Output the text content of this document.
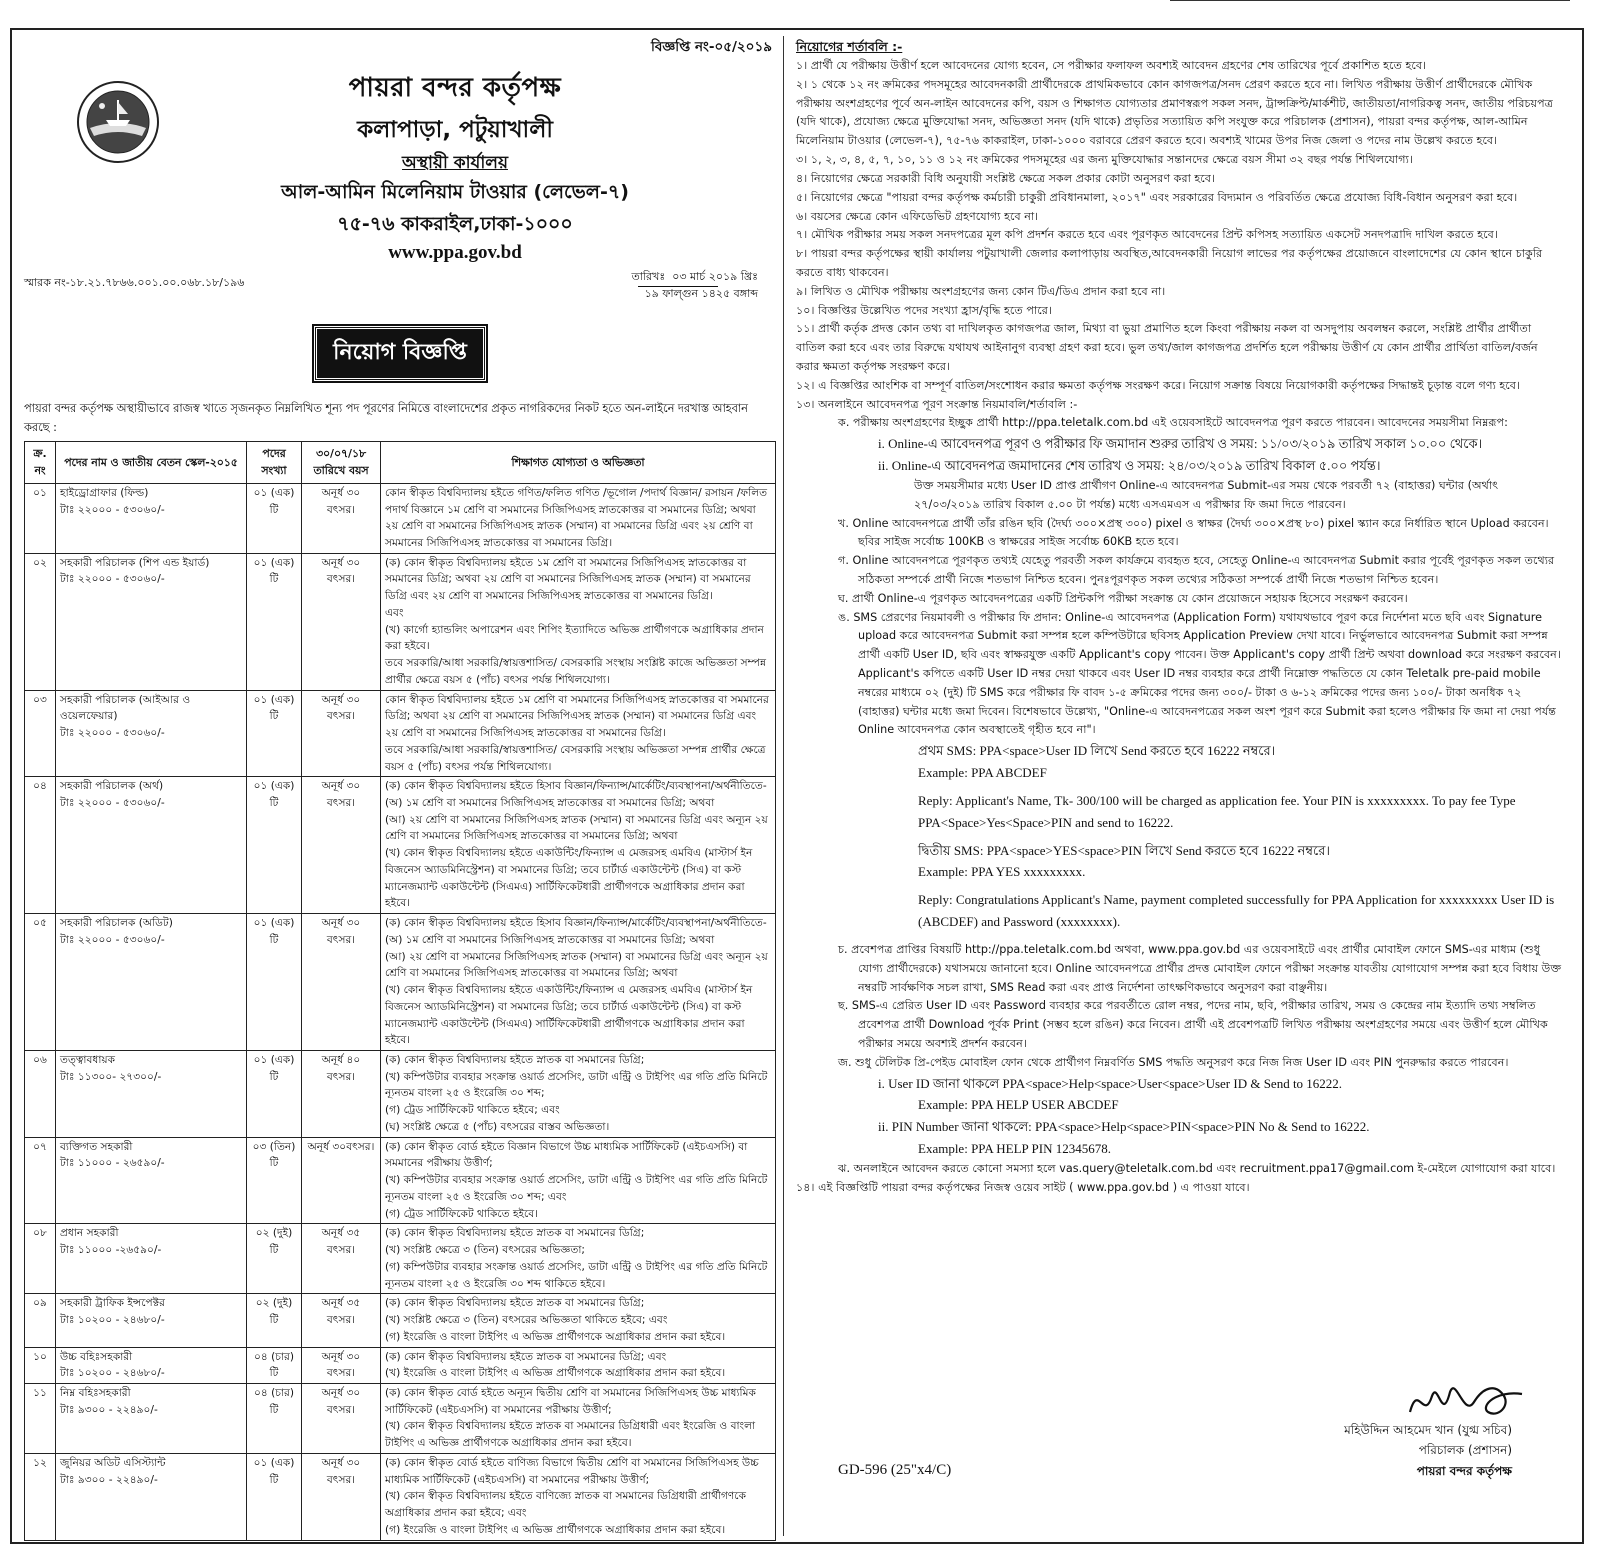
বিজ্ঞপ্তি নং-০৫/২০১৯
পায়রা বন্দর কর্তৃপক্ষ
কলাপাড়া, পটুয়াখালী
অস্থায়ী কার্যালয়
আল-আমিন মিলেনিয়াম টাওয়ার (লেভেল-৭)
৭৫-৭৬ কাকরাইল,ঢাকা-১০০০
www.ppa.gov.bd
স্মারক নং-১৮.২১.৭৮৬৬.০০১.০০.০৬৮.১৮/১৯৬	তারিখঃ ০৩ মার্চ ২০১৯ খ্রিঃ
১৯ ফাল্গুন ১৪২৫ বঙ্গাব্দ
নিয়োগ বিজ্ঞপ্তি
পায়রা বন্দর কর্তৃপক্ষ অস্থায়ীভাবে রাজস্ব খাতে সৃজনকৃত নিম্নলিখিত শূন্য পদ পূরণের নিমিত্তে বাংলাদেশের প্রকৃত নাগরিকদের নিকট হতে অন-লাইনে দরখাস্ত আহবান করছে :
ক্র. নং	পদের নাম ও জাতীয় বেতন স্কেল-২০১৫	পদের সংখ্যা	৩০/০৭/১৮ তারিখে বয়স	শিক্ষাগত যোগ্যতা ও অভিজ্ঞতা

০১	হাইড্রোগ্রাফার (ফিল্ড)
টাঃ ২২০০০ - ৫৩০৬০/-	০১ (এক) টি	অনূর্ধ ৩০ বৎসর।	কোন স্বীকৃত বিশ্ববিদ্যালয় হইতে গণিত/ফলিত গণিত /ভূগোল /পদার্থ বিজ্ঞান/ রসায়ন /ফলিত পদার্থ বিজ্ঞানে ১ম শ্রেণি বা সমমানের সিজিপিএসহ স্নাতকোত্তর বা সমমানের ডিগ্রি; অথবা ২য় শ্রেণি বা সমমানের সিজিপিএসহ স্নাতক (সম্মান) বা সমমানের ডিগ্রি এবং ২য় শ্রেণি বা সমমানের সিজিপিএসহ স্নাতকোত্তর বা সমমানের ডিগ্রি।

০২	সহকারী পরিচালক (শিপ এন্ড ইয়ার্ড)
টাঃ ২২০০০ - ৫৩০৬০/-	০১ (এক) টি	অনূর্ধ ৩০ বৎসর।	(ক) কোন স্বীকৃত বিশ্ববিদ্যালয় হইতে ১ম শ্রেণি বা সমমানের সিজিপিএসহ স্নাতকোত্তর বা সমমানের ডিগ্রি; অথবা ২য় শ্রেণি বা সমমানের সিজিপিএসহ স্নাতক (সম্মান) বা সমমানের ডিগ্রি এবং ২য় শ্রেণি বা সমমানের সিজিপিএসহ স্নাতকোত্তর বা সমমানের ডিগ্রি।
এবং
(খ) কার্গো হ্যান্ডলিং অপারেশন এবং শিপিং ইত্যাদিতে অভিজ্ঞ প্রার্থীগণকে অগ্রাধিকার প্রদান করা হইবে।
তবে সরকারি/আধা সরকারি/স্বায়ত্তশাসিত/ বেসরকারি সংস্থায় সংশ্লিষ্ট কাজে অভিজ্ঞতা সম্পন্ন প্রার্থীর ক্ষেত্রে বয়স ৫ (পাঁচ) বৎসর পর্যন্ত শিথিলযোগ্য।

০৩	সহকারী পরিচালক (আইআর ও ওয়েলফেয়ার)
টাঃ ২২০০০ - ৫৩০৬০/-	০১ (এক) টি	অনূর্ধ ৩০ বৎসর।	কোন স্বীকৃত বিশ্ববিদ্যালয় হইতে ১ম শ্রেণি বা সমমানের সিজিপিএসহ স্নাতকোত্তর বা সমমানের ডিগ্রি; অথবা ২য় শ্রেণি বা সমমানের সিজিপিএসহ স্নাতক (সম্মান) বা সমমানের ডিগ্রি এবং ২য় শ্রেণি বা সমমানের সিজিপিএসহ স্নাতকোত্তর বা সমমানের ডিগ্রি।
তবে সরকারি/আধা সরকারি/স্বায়ত্তশাসিত/ বেসরকারি সংস্থায় অভিজ্ঞতা সম্পন্ন প্রার্থীর ক্ষেত্রে বয়স ৫ (পাঁচ) বৎসর পর্যন্ত শিথিলযোগ্য।

০৪	সহকারী পরিচালক (অর্থ)
টাঃ ২২০০০ - ৫৩০৬০/-	০১ (এক) টি	অনূর্ধ ৩০ বৎসর।	(ক) কোন স্বীকৃত বিশ্ববিদ্যালয় হইতে হিসাব বিজ্ঞান/ফিন্যান্স/মার্কেটিং/ব্যবস্থাপনা/অর্থনীতিতে-
(অ) ১ম শ্রেণি বা সমমানের সিজিপিএসহ স্নাতকোত্তর বা সমমানের ডিগ্রি; অথবা
(আ) ২য় শ্রেণি বা সমমানের সিজিপিএসহ স্নাতক (সম্মান) বা সমমানের ডিগ্রি এবং অন্যূন ২য় শ্রেণি বা সমমানের সিজিপিএসহ স্নাতকোত্তর বা সমমানের ডিগ্রি; অথবা
(খ) কোন স্বীকৃত বিশ্ববিদ্যালয় হইতে একাউন্টিং/ফিন্যান্স এ মেজরসহ এমবিএ (মাস্টার্স ইন বিজনেস অ্যাডমিনিস্ট্রেশন) বা সমমানের ডিগ্রি; তবে চার্টার্ড একাউন্টেন্ট (সিএ) বা কস্ট ম্যানেজম্যান্ট একাউন্টেন্ট (সিএমএ) সার্টিফিকেটধারী প্রার্থীগণকে অগ্রাধিকার প্রদান করা হইবে।

০৫	সহকারী পরিচালক (অডিট)
টাঃ ২২০০০ - ৫৩০৬০/-	০১ (এক) টি	অনূর্ধ ৩০ বৎসর।	(ক) কোন স্বীকৃত বিশ্ববিদ্যালয় হইতে হিসাব বিজ্ঞান/ফিন্যান্স/মার্কেটিং/ব্যবস্থাপনা/অর্থনীতিতে-
(অ) ১ম শ্রেণি বা সমমানের সিজিপিএসহ স্নাতকোত্তর বা সমমানের ডিগ্রি; অথবা
(আ) ২য় শ্রেণি বা সমমানের সিজিপিএসহ স্নাতক (সম্মান) বা সমমানের ডিগ্রি এবং অন্যূন ২য় শ্রেণি বা সমমানের সিজিপিএসহ স্নাতকোত্তর বা সমমানের ডিগ্রি; অথবা
(খ) কোন স্বীকৃত বিশ্ববিদ্যালয় হইতে একাউন্টিং/ফিন্যান্স এ মেজরসহ এমবিএ (মাস্টার্স ইন বিজনেস অ্যাডমিনিস্ট্রেশন) বা সমমানের ডিগ্রি; তবে চার্টার্ড একাউন্টেন্ট (সিএ) বা কস্ট ম্যানেজম্যান্ট একাউন্টেন্ট (সিএমএ) সার্টিফিকেটধারী প্রার্থীগণকে অগ্রাধিকার প্রদান করা হইবে।

০৬	তত্ত্বাবধায়ক
টাঃ ১১৩০০- ২৭৩০০/-	০১ (এক) টি	অনূর্ধ ৪০ বৎসর।	(ক) কোন স্বীকৃত বিশ্ববিদ্যালয় হইতে স্নাতক বা সমমানের ডিগ্রি;
(খ) কম্পিউটার ব্যবহার সংক্রান্ত ওয়ার্ড প্রসেসিং, ডাটা এন্ট্রি ও টাইপিং এর গতি প্রতি মিনিটে ন্যূনতম বাংলা ২৫ ও ইংরেজি ৩০ শব্দ;
(গ) ট্রেড সার্টিফিকেট থাকিতে হইবে; এবং
(ঘ) সংশ্লিষ্ট ক্ষেত্রে ৫ (পাঁচ) বৎসরের বাস্তব অভিজ্ঞতা।

০৭	ব্যক্তিগত সহকারী
টাঃ ১১০০০ - ২৬৫৯০/-	০৩ (তিন) টি	অনূর্ধ ৩০বৎসর।	(ক) কোন স্বীকৃত বোর্ড হইতে বিজ্ঞান বিভাগে উচ্চ মাধ্যমিক সার্টিফিকেট (এইচএসসি) বা সমমানের পরীক্ষায় উত্তীর্ণ;
(খ) কম্পিউটার ব্যবহার সংক্রান্ত ওয়ার্ড প্রসেসিং, ডাটা এন্ট্রি ও টাইপিং এর গতি প্রতি মিনিটে ন্যূনতম বাংলা ২৫ ও ইংরেজি ৩০ শব্দ; এবং
(গ) ট্রেড সার্টিফিকেট থাকিতে হইবে।

০৮	প্রধান সহকারী
টাঃ ১১০০০ -২৬৫৯০/-	০২ (দুই) টি	অনূর্ধ ৩৫ বৎসর।	(ক) কোন স্বীকৃত বিশ্ববিদ্যালয় হইতে স্নাতক বা সমমানের ডিগ্রি;
(খ) সংশ্লিষ্ট ক্ষেত্রে ৩ (তিন) বৎসরের অভিজ্ঞতা;
(গ) কম্পিউটার ব্যবহার সংক্রান্ত ওয়ার্ড প্রসেসিং, ডাটা এন্ট্রি ও টাইপিং এর গতি প্রতি মিনিটে ন্যূনতম বাংলা ২৫ ও ইংরেজি ৩০ শব্দ থাকিতে হইবে।

০৯	সহকারী ট্রাফিক ইন্সপেক্টর
টাঃ ১০২০০ - ২৪৬৮০/-	০২ (দুই) টি	অনূর্ধ ৩৫ বৎসর।	(ক) কোন স্বীকৃত বিশ্ববিদ্যালয় হইতে স্নাতক বা সমমানের ডিগ্রি;
(খ) সংশ্লিষ্ট ক্ষেত্রে ৩ (তিন) বৎসরের অভিজ্ঞতা থাকিতে হইবে; এবং
(গ) ইংরেজি ও বাংলা টাইপিং এ অভিজ্ঞ প্রার্থীগণকে অগ্রাধিকার প্রদান করা হইবে।

১০	উচ্চ বহিঃসহকারী
টাঃ ১০২০০ - ২৪৬৮০/-	০৪ (চার) টি	অনূর্ধ ৩০ বৎসর।	(ক) কোন স্বীকৃত বিশ্ববিদ্যালয় হইতে স্নাতক বা সমমানের ডিগ্রি; এবং
(খ) ইংরেজি ও বাংলা টাইপিং এ অভিজ্ঞ প্রার্থীগণকে অগ্রাধিকার প্রদান করা হইবে।

১১	নিম্ন বহিঃসহকারী
টাঃ ৯৩০০ - ২২৪৯০/-	০৪ (চার) টি	অনূর্ধ ৩০ বৎসর।	(ক) কোন স্বীকৃত বোর্ড হইতে অন্যূন দ্বিতীয় শ্রেণি বা সমমানের সিজিপিএসহ উচ্চ মাধ্যমিক সার্টিফিকেট (এইচএসসি) বা সমমানের পরীক্ষায় উত্তীর্ণ;
(খ) কোন স্বীকৃত বিশ্ববিদ্যালয় হইতে স্নাতক বা সমমানের ডিগ্রিধারী এবং ইংরেজি ও বাংলা টাইপিং এ অভিজ্ঞ প্রার্থীগণকে অগ্রাধিকার প্রদান করা হইবে।

১২	জুনিয়র অডিট এসিস্ট্যান্ট
টাঃ ৯৩০০ - ২২৪৯০/-	০১ (এক) টি	অনূর্ধ ৩০ বৎসর।	(ক) কোন স্বীকৃত বোর্ড হইতে বাণিজ্য বিভাগে দ্বিতীয় শ্রেণি বা সমমানের সিজিপিএসহ উচ্চ মাধ্যমিক সার্টিফিকেট (এইচএসসি) বা সমমানের পরীক্ষায় উত্তীর্ণ;
(খ) কোন স্বীকৃত বিশ্ববিদ্যালয় হইতে বাণিজ্যে স্নাতক বা সমমানের ডিগ্রিধারী প্রার্থীগণকে অগ্রাধিকার প্রদান করা হইবে; এবং
(গ) ইংরেজি ও বাংলা টাইপিং এ অভিজ্ঞ প্রার্থীগণকে অগ্রাধিকার প্রদান করা হইবে।

নিয়োগের শর্তাবলি :-

১। প্রার্থী যে পরীক্ষায় উত্তীর্ণ হলে আবেদনের যোগ্য হবেন, সে পরীক্ষার ফলাফল অবশ্যই আবেদন গ্রহণের শেষ তারিখের পূর্বে প্রকাশিত হতে হবে।

২। ১ থেকে ১২ নং ক্রমিকের পদসমূহের আবেদনকারী প্রার্থীদেরকে প্রাথমিকভাবে কোন কাগজপত্র/সনদ প্রেরণ করতে হবে না। লিখিত পরীক্ষায় উত্তীর্ণ প্রার্থীদেরকে মৌখিক পরীক্ষায় অংশগ্রহণের পূর্বে অন-লাইন আবেদনের কপি, বয়স ও শিক্ষাগত যোগ্যতার প্রমাণস্বরূপ সকল সনদ, ট্রান্সক্রিপ্ট/মার্কশীট, জাতীয়তা/নাগরিকত্ব সনদ, জাতীয় পরিচয়পত্র (যদি থাকে), প্রযোজ্য ক্ষেত্রে মুক্তিযোদ্ধা সনদ, অভিজ্ঞতা সনদ (যদি থাকে) প্রভৃতির সত্যায়িত কপি সংযুক্ত করে পরিচালক (প্রশাসন), পায়রা বন্দর কর্তৃপক্ষ, আল-আমিন মিলেনিয়াম টাওয়ার (লেভেল-৭), ৭৫-৭৬ কাকরাইল, ঢাকা-১০০০ বরাবরে প্রেরণ করতে হবে। অবশ্যই খামের উপর নিজ জেলা ও পদের নাম উল্লেখ করতে হবে।

৩। ১, ২, ৩, ৪, ৫, ৭, ১০, ১১ ও ১২ নং ক্রমিকের পদসমূহের এর জন্য মুক্তিযোদ্ধার সন্তানদের ক্ষেত্রে বয়স সীমা ৩২ বছর পর্যন্ত শিথিলযোগ্য।

৪। নিয়োগের ক্ষেত্রে সরকারী বিধি অনুযায়ী সংশ্লিষ্ট ক্ষেত্রে সকল প্রকার কোটা অনুসরণ করা হবে।

৫। নিয়োগের ক্ষেত্রে "পায়রা বন্দর কর্তৃপক্ষ কর্মচারী চাকুরী প্রবিধানমালা, ২০১৭" এবং সরকারের বিদ্যমান ও পরিবর্তিত ক্ষেত্রে প্রযোজ্য বিধি-বিধান অনুসরণ করা হবে।

৬। বয়সের ক্ষেত্রে কোন এফিডেভিট গ্রহণযোগ্য হবে না।

৭। মৌখিক পরীক্ষার সময় সকল সনদপত্রের মূল কপি প্রদর্শন করতে হবে এবং পূরণকৃত আবেদনের প্রিন্ট কপিসহ সত্যায়িত একসেট সনদপত্রাদি দাখিল করতে হবে।

৮। পায়রা বন্দর কর্তৃপক্ষের স্থায়ী কার্যালয় পটুয়াখালী জেলার কলাপাড়ায় অবস্থিত,আবেদনকারী নিয়োগ লাভের পর কর্তৃপক্ষের প্রয়োজনে বাংলাদেশের যে কোন স্থানে চাকুরি করতে বাধ্য থাকবেন।

৯। লিখিত ও মৌখিক পরীক্ষায় অংশগ্রহণের জন্য কোন টিএ/ডিএ প্রদান করা হবে না।

১০। বিজ্ঞপ্তির উল্লেখিত পদের সংখ্যা হ্রাস/বৃদ্ধি হতে পারে।

১১। প্রার্থী কর্তৃক প্রদত্ত কোন তথ্য বা দাখিলকৃত কাগজপত্র জাল, মিথ্যা বা ভুয়া প্রমাণিত হলে কিংবা পরীক্ষায় নকল বা অসদুপায় অবলম্বন করলে, সংশ্লিষ্ট প্রার্থীর প্রার্থীতা বাতিল করা হবে এবং তার বিরুদ্ধে যথাযথ আইনানুগ ব্যবস্থা গ্রহণ করা হবে। ভুল তথ্য/জাল কাগজপত্র প্রদর্শিত হলে পরীক্ষায় উত্তীর্ণ যে কোন প্রার্থীর প্রার্থিতা বাতিল/বর্জন করার ক্ষমতা কর্তৃপক্ষ সংরক্ষণ করে।

১২। এ বিজ্ঞপ্তির আংশিক বা সম্পূর্ণ বাতিল/সংশোধন করার ক্ষমতা কর্তৃপক্ষ সংরক্ষণ করে। নিয়োগ সক্রান্ত বিষয়ে নিয়োগকারী কর্তৃপক্ষের সিদ্ধান্তই চূড়ান্ত বলে গণ্য হবে।

১৩। অনলাইনে আবেদনপত্র পূরণ সংক্রান্ত নিয়মাবলি/শর্তাবলি :-

ক. পরীক্ষায় অংশগ্রহণের ইচ্ছুক প্রার্থী http://ppa.teletalk.com.bd এই ওয়েবসাইটে আবেদনপত্র পূরণ করতে পারবেন। আবেদনের সময়সীমা নিম্নরূপ:

i. Online-এ আবেদনপত্র পূরণ ও পরীক্ষার ফি জমাদান শুরুর তারিখ ও সময়: ১১/০৩/২০১৯ তারিখ সকাল ১০.০০ থেকে।

ii. Online-এ আবেদনপত্র জমাদানের শেষ তারিখ ও সময়: ২৪/০৩/২০১৯ তারিখ বিকাল ৫.০০ পর্যন্ত।

উক্ত সময়সীমার মধ্যে User ID প্রাপ্ত প্রার্থীগণ Online-এ আবেদনপত্র Submit-এর সময় থেকে পরবর্তী ৭২ (বাহাত্তর) ঘন্টার (অর্থাৎ ২৭/০৩/২০১৯ তারিখ বিকাল ৫.০০ টা পর্যন্ত) মধ্যে এসএমএস এ পরীক্ষার ফি জমা দিতে পারবেন।

খ. Online আবেদনপত্রে প্রার্থী তাঁর রঙিন ছবি (দৈর্ঘ্য ৩০০×প্রস্থ ৩০০) pixel ও স্বাক্ষর (দৈর্ঘ্য ৩০০×প্রস্থ ৮০) pixel স্ক্যান করে নির্ধারিত স্থানে Upload করবেন। ছবির সাইজ সর্বোচ্চ 100KB ও স্বাক্ষরের সাইজ সর্বোচ্চ 60KB হতে হবে।

গ. Online আবেদনপত্রে পূরণকৃত তথ্যই যেহেতু পরবর্তী সকল কার্যক্রমে ব্যবহৃত হবে, সেহেতু Online-এ আবেদনপত্র Submit করার পূর্বেই পূরণকৃত সকল তথ্যের সঠিকতা সম্পর্কে প্রার্থী নিজে শতভাগ নিশ্চিত হবেন। পুনঃপূরণকৃত সকল তথ্যের সঠিকতা সম্পর্কে প্রার্থী নিজে শতভাগ নিশ্চিত হবেন।

ঘ. প্রার্থী Online-এ পূরণকৃত আবেদনপত্রের একটি প্রিন্টকপি পরীক্ষা সংক্রান্ত যে কোন প্রয়োজনে সহায়ক হিসেবে সংরক্ষণ করবেন।

ঙ. SMS প্রেরণের নিয়মাবলী ও পরীক্ষার ফি প্রদান: Online-এ আবেদনপত্র (Application Form) যথাযথভাবে পূরণ করে নির্দেশনা মতে ছবি এবং Signature upload করে আবেদনপত্র Submit করা সম্পন্ন হলে কম্পিউটারে ছবিসহ Application Preview দেখা যাবে। নির্ভুলভাবে আবেদনপত্র Submit করা সম্পন্ন প্রার্থী একটি User ID, ছবি এবং স্বাক্ষরযুক্ত একটি Applicant's copy পাবেন। উক্ত Applicant's copy প্রার্থী প্রিন্ট অথবা download করে সংরক্ষণ করবেন। Applicant's কপিতে একটি User ID নম্বর দেয়া থাকবে এবং User ID নম্বর ব্যবহার করে প্রার্থী নিম্নোক্ত পদ্ধতিতে যে কোন Teletalk pre-paid mobile নম্বরের মাধ্যমে ০২ (দুই) টি SMS করে পরীক্ষার ফি বাবদ ১-৫ ক্রমিকের পদের জন্য ৩০০/- টাকা ও ৬-১২ ক্রমিকের পদের জন্য ১০০/- টাকা অনধিক ৭২ (বাহাত্তর) ঘন্টার মধ্যে জমা দিবেন। বিশেষভাবে উল্লেখ্য, "Online-এ আবেদনপত্রের সকল অংশ পূরণ করে Submit করা হলেও পরীক্ষার ফি জমা না দেয়া পর্যন্ত Online আবেদনপত্র কোন অবস্থাতেই গৃহীত হবে না"।

প্রথম SMS: PPA<space>User ID লিখে Send করতে হবে 16222 নম্বরে।

Example: PPA ABCDEF

Reply: Applicant's Name, Tk- 300/100 will be charged as application fee. Your PIN is xxxxxxxxx. To pay fee Type PPA<Space>Yes<Space>PIN and send to 16222.

দ্বিতীয় SMS: PPA<space>YES<space>PIN লিখে Send করতে হবে 16222 নম্বরে।

Example: PPA YES xxxxxxxxx.

Reply: Congratulations Applicant's Name, payment completed successfully for PPA Application for xxxxxxxxx User ID is (ABCDEF) and Password (xxxxxxxx).

চ. প্রবেশপত্র প্রাপ্তির বিষয়টি http://ppa.teletalk.com.bd অথবা, www.ppa.gov.bd এর ওয়েবসাইটে এবং প্রার্থীর মোবাইল ফোনে SMS-এর মাধ্যম (শুধু যোগ্য প্রার্থীদেরকে) যথাসময়ে জানানো হবে। Online আবেদনপত্রে প্রার্থীর প্রদত্ত মোবাইল ফোনে পরীক্ষা সংক্রান্ত যাবতীয় যোগাযোগ সম্পন্ন করা হবে বিধায় উক্ত নম্বরটি সার্বক্ষণিক সচল রাখা, SMS Read করা এবং প্রাপ্ত নির্দেশনা তাৎক্ষণিকভাবে অনুসরণ করা বাঞ্ছনীয়।

ছ. SMS-এ প্রেরিত User ID এবং Password ব্যবহার করে পরবর্তীতে রোল নম্বর, পদের নাম, ছবি, পরীক্ষার তারিখ, সময় ও কেন্দ্রের নাম ইত্যাদি তথ্য সম্বলিত প্রবেশপত্র প্রার্থী Download পূর্বক Print (সম্ভব হলে রঙিন) করে নিবেন। প্রার্থী এই প্রবেশপত্রটি লিখিত পরীক্ষায় অংশগ্রহণের সময়ে এবং উত্তীর্ণ হলে মৌখিক পরীক্ষার সময়ে অবশ্যই প্রদর্শন করবেন।

জ. শুধু টেলিটক প্রি-পেইড মোবাইল ফোন থেকে প্রার্থীগণ নিম্নবর্ণিত SMS পদ্ধতি অনুসরণ করে নিজ নিজ User ID এবং PIN পুনরুদ্ধার করতে পারবেন।

i. User ID জানা থাকলে PPA<space>Help<space>User<space>User ID & Send to 16222.

Example: PPA HELP USER ABCDEF

ii. PIN Number জানা থাকলে: PPA<space>Help<space>PIN<space>PIN No & Send to 16222.

Example: PPA HELP PIN 12345678.

ঝ. অনলাইনে আবেদন করতে কোনো সমস্যা হলে vas.query@teletalk.com.bd এবং recruitment.ppa17@gmail.com ই-মেইলে যোগাযোগ করা যাবে।

১৪। এই বিজ্ঞপ্তিটি পায়রা বন্দর কর্তৃপক্ষের নিজস্ব ওয়েব সাইট ( www.ppa.gov.bd ) এ পাওয়া যাবে।

মহিউদ্দিন আহমেদ খান (যুগ্ম সচিব)
পরিচালক (প্রশাসন)
পায়রা বন্দর কর্তৃপক্ষ
GD-596 (25"x4/C)
